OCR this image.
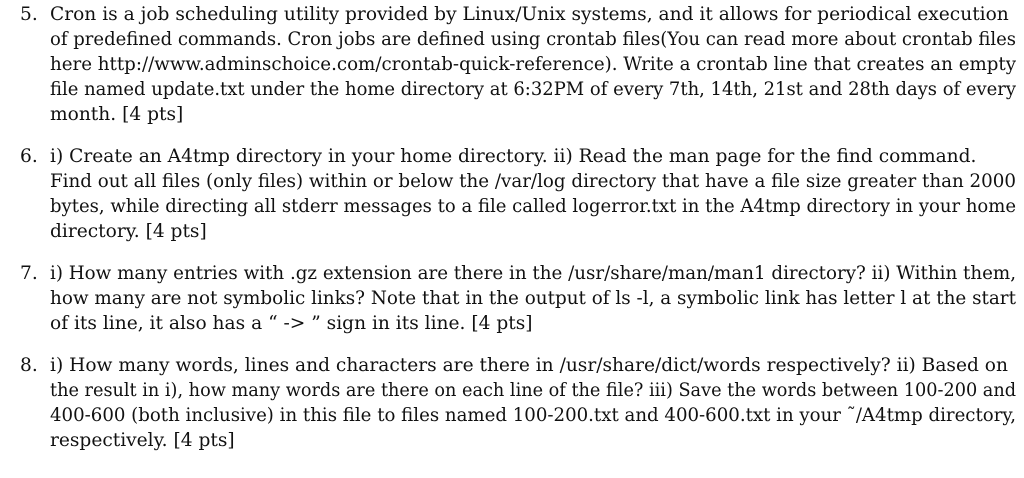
5. Cron is a job scheduling utility provided by Linux/Unix systems, and it allows for periodical execution
of predefined commands. Cron jobs are defined using crontab files(You can read more about crontab files
here http://www.adminschoice.com/crontab-quick-reference). Write a crontab line that creates an empty
file named update.txt under the home directory at 6:32PM of every 7th, 14th, 21st and 28th days of every
month. [4 pts]
6. i) Create an A4tmp directory in your home directory. ii) Read the man page for the find command.
Find out all files (only files) within or below the /var/log directory that have a file size greater than 2000
bytes, while directing all stderr messages to a file called logerror.txt in the A4tmp directory in your home
directory. [4 pts]
7. i) How many entries with .gz extension are there in the /usr/share/man/man1 directory? ii) Within them,
how many are not symbolic links? Note that in the output of ls -l, a symbolic link has letter l at the start
of its line, it also has a “ -> ” sign in its line. [4 pts]
8. i) How many words, lines and characters are there in /usr/share/dict/words respectively? ii) Based on
the result in i), how many words are there on each line of the file? iii) Save the words between 100-200 and
400-600 (both inclusive) in this file to files named 100-200.txt and 400-600.txt in your ˜/A4tmp directory,
respectively. [4 pts]
